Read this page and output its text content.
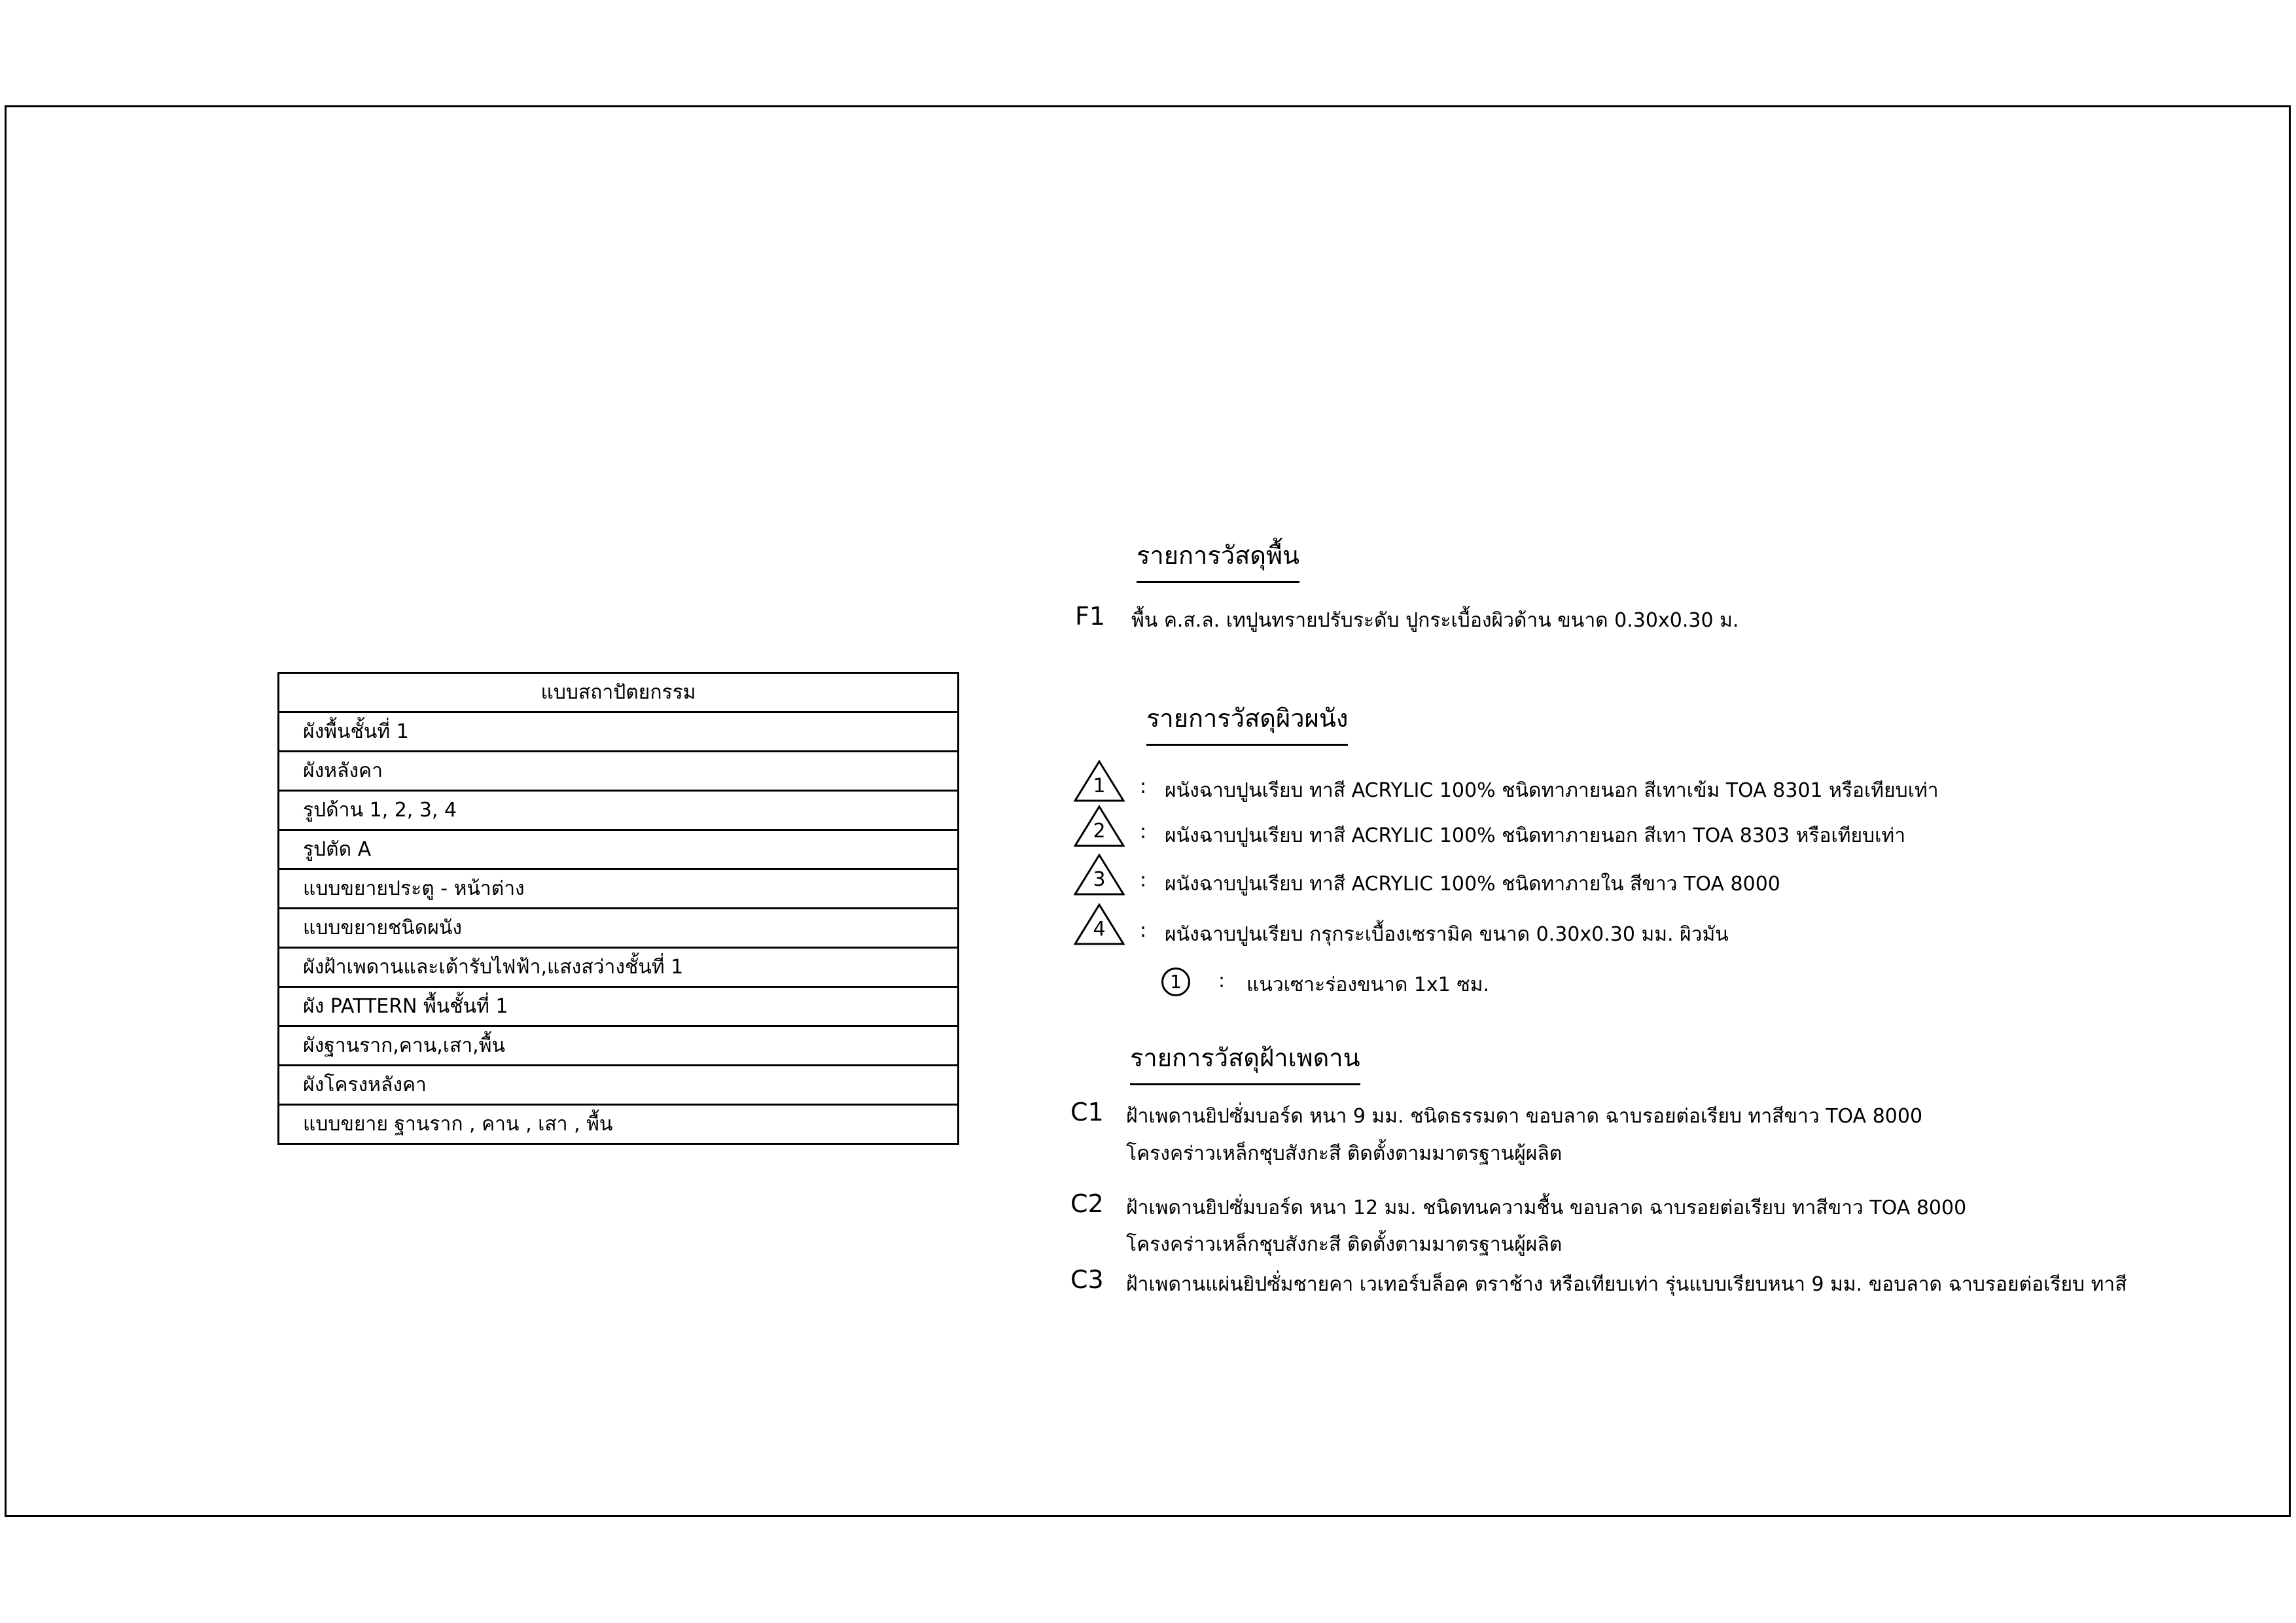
แบบสถาปัตยกรรม
ผังพื้นชั้นที่ 1
ผังหลังคา
รูปด้าน 1, 2, 3, 4
รูปตัด A
แบบขยายประตู - หน้าต่าง
แบบขยายชนิดผนัง
ผังฝ้าเพดานและเต้ารับไฟฟ้า,แสงสว่างชั้นที่ 1
ผัง PATTERN พื้นชั้นที่ 1
ผังฐานราก,คาน,เสา,พื้น
ผังโครงหลังคา
แบบขยาย ฐานราก , คาน , เสา , พื้น
รายการวัสดุพื้น
F1 พื้น ค.ส.ล. เทปูนทรายปรับระดับ ปูกระเบื้องผิวด้าน ขนาด 0.30x0.30 ม.
รายการวัสดุผิวผนัง
1	: ผนังฉาบปูนเรียบ ทาสี ACRYLIC 100% ชนิดทาภายนอก สีเทาเข้ม TOA 8301 หรือเทียบเท่า
2	: ผนังฉาบปูนเรียบ ทาสี ACRYLIC 100% ชนิดทาภายนอก สีเทา TOA 8303 หรือเทียบเท่า
3	: ผนังฉาบปูนเรียบ ทาสี ACRYLIC 100% ชนิดทาภายใน สีขาว TOA 8000
4	: ผนังฉาบปูนเรียบ กรุกระเบื้องเซรามิค ขนาด 0.30x0.30 มม. ผิวมัน
1	: แนวเซาะร่องขนาด 1x1 ซม.
รายการวัสดุฝ้าเพดาน
C1 ฝ้าเพดานยิปซั่มบอร์ด หนา 9 มม. ชนิดธรรมดา ขอบลาด ฉาบรอยต่อเรียบ ทาสีขาว TOA 8000
โครงคร่าวเหล็กชุบสังกะสี ติดตั้งตามมาตรฐานผู้ผลิต
C2 ฝ้าเพดานยิปซั่มบอร์ด หนา 12 มม. ชนิดทนความชื้น ขอบลาด ฉาบรอยต่อเรียบ ทาสีขาว TOA 8000
โครงคร่าวเหล็กชุบสังกะสี ติดตั้งตามมาตรฐานผู้ผลิต
C3 ฝ้าเพดานแผ่นยิปซั่มชายคา เวเทอร์บล็อค ตราช้าง หรือเทียบเท่า รุ่นแบบเรียบหนา 9 มม. ขอบลาด ฉาบรอยต่อเรียบ ทาสี
